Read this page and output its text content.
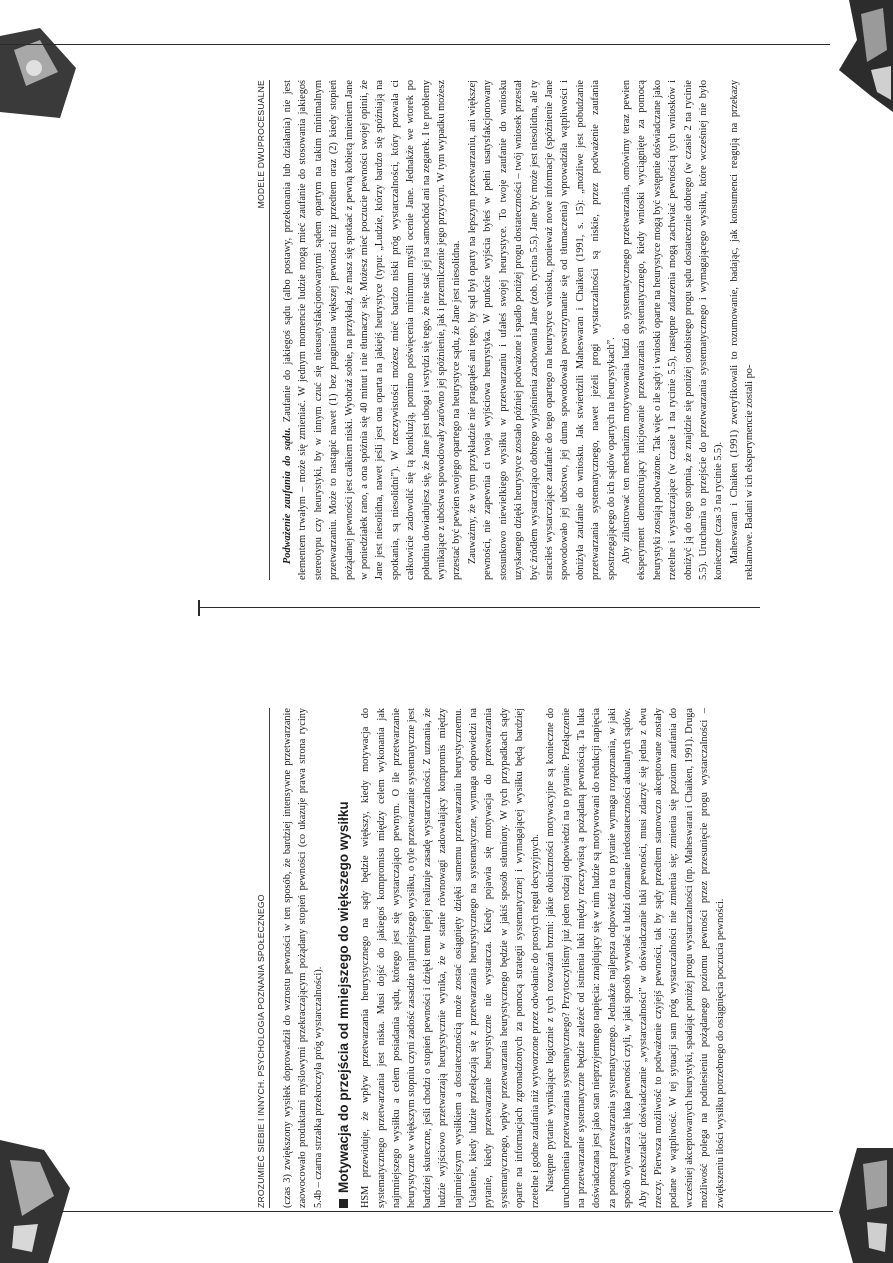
ZROZUMIEĆ SIEBIE I INNYCH. PSYCHOLOGIA POZNANIA SPOŁECZNEGO	(czas 3) zwiększony wysiłek doprowadził do wzrostu pewności w ten sposób, że bardziej intensywne przetwarzanie zaowocowało produktami myślowymi przekraczającym pożądany stopień pewności (co ukazuje prawa strona ryciny 5.4b – czarna strzałka przekroczyła próg wystarczalności). Motywacja do przejścia od mniejszego do większego wysiłku HSM przewiduje, że wpływ przetwarzania heurystycznego na sądy będzie większy, kiedy motywacja do systematycznego przetwarzania jest niska. Musi dojść do jakiegoś kompromisu między celem wykonania jak najmniejszego wysiłku a celem posiadania sądu, którego jest się wystarczająco pewnym. O ile przetwarzanie heurystyczne w większym stopniu czyni zadość zasadzie najmniejszego wysiłku, o tyle przetwarzanie systematyczne jest bardziej skuteczne, jeśli chodzi o stopień pewności i dzięki temu lepiej realizuje zasadę wystarczalności. Z uznania, że ludzie wyjściowo przetwarzają heurystycznie wynika, że w stanie równowagi zadowalający kompromis między najmniejszym wysiłkiem a dostatecznością może zostać osiągnięty dzięki samemu przetwarzaniu heurystycznemu. Ustalenie, kiedy ludzie przełączają się z przetwarzania heurystycznego na systematyczne, wymaga odpowiedzi na pytanie, kiedy przetwarzanie heurystyczne nie wystarcza. Kiedy pojawia się motywacja do przetwarzania systematycznego, wpływ przetwarzania heurystycznego będzie w jakiś sposób stłumiony. W tych przypadkach sądy oparte na informacjach zgromadzonych za pomocą strategii systematycznej i wymagającej wysiłku będą bardziej rzetelne i godne zaufania niż wytworzone przez odwołanie do prostych reguł decyzyjnych. Następne pytanie wynikające logicznie z tych rozważań brzmi: jakie okoliczności motywacyjne są konieczne do uruchomienia przetwarzania systematycznego? Przytoczyliśmy już jeden rodzaj odpowiedzi na to pytanie. Przełączenie na przetwarzanie systematyczne będzie zależeć od istnienia luki między rzeczywistą a pożądaną pewnością. Ta luka doświadczana jest jako stan nieprzyjemnego napięcia: znajdujący się w nim ludzie są motywowani do redukcji napięcia za pomocą przetwarzania systematycznego. Jednakże najlepsza odpowiedź na to pytanie wymaga rozpoznania, w jaki sposób wytwarza się luka pewności czyli, w jaki sposób wywołać u ludzi doznanie niedostateczności aktualnych sądów. Aby przekształcić doświadczanie „wystarczalności” w doświadczanie luki pewności, musi zdarzyć się jedna z dwu rzeczy. Pierwsza możliwość to podważenie czyjejś pewności, tak by sądy przedtem stanowczo akceptowane zostały podane w wątpliwość. W tej sytuacji sam próg wystarczalności nie zmienia się; zmienia się poziom zaufania do wcześniej akceptowanych heurystyki, spadając poniżej progu wystarczalności (np. Maheswaran i Chaiken, 1991). Druga możliwość polega na podniesieniu pożądanego poziomu pewności przez przesunięcie progu wystarczalności – zwiększeniu ilości wysiłku potrzebnego do osiągnięcia poczucia pewności.

MODELE DWUPROCESUALNE

Podważenie zaufania do sądu. Zaufanie do jakiegoś sądu (albo postawy, przekonania lub działania) nie jest elementem trwałym – może się zmieniać. W jednym momencie ludzie mogą mieć zaufanie do stosowania jakiegoś stereotypu czy heurystyki, by w innym czuć się nieusatysfakcjonowanymi sądem opartym na takim minimalnym przetwarzaniu. Może to nastąpić nawet (1) bez pragnienia większej pewności niż przedtem oraz (2) kiedy stopień pożądanej pewności jest całkiem niski. Wyobraź sobie, na przykład, że masz się spotkać z pewną kobietą imieniem Jane w poniedziałek rano, a ona spóźnia się 40 minut i nie tłumaczy się. Możesz mieć poczucie pewności swojej opinii, że Jane jest niesolidna, nawet jeśli jest ona oparta na jakiejś heurystyce (typu: „Ludzie, którzy bardzo się spóźniają na spotkania, są niesolidni”). W rzeczywistości możesz mieć bardzo niski próg wystarczalności, który pozwala ci całkowicie zadowolić się tą konkluzją, pomimo poświęcenia minimum myśli ocenie Jane. Jednakże we wtorek po południu dowiadujesz się, że Jane jest uboga i wstydzi się tego, że nie stać jej na samochód ani na zegarek. I te problemy wynikające z ubóstwa spowodowały zarówno jej spóźnienie, jak i przemilczenie jego przyczyn. W tym wypadku możesz przestać być pewien swojego opartego na heurystyce sądu, że Jane jest niesolidna. Zauważmy, że w tym przykładzie nie pragnąłeś ani tego, by sąd był oparty na lepszym przetwarzaniu, ani większej pewności, nie zapewnia ci twoja wyjściowa heurystyka. W punkcie wyjścia byłeś w pełni usatysfakcjonowany stosunkowo niewielkiego wysiłku w przetwarzaniu i ufałeś swojej heurystyce. To twoje zaufanie do wniosku uzyskanego dzięki heurystyce zostało później podważone i spadło poniżej progu dostateczności – twój wniosek przestał być źródłem wystarczająco dobrego wyjaśnienia zachowania Jane (zob. rycina 5.5). Jane być może jest niesolidna, ale ty straciłeś wystarczające zaufanie do tego opartego na heurystyce wniosku, ponieważ nowe informacje (spóźnienie Jane spowodowało jej ubóstwo, jej duma spowodowała powstrzymanie się od tłumaczenia) wprowadziła wątpliwości i obniżyła zaufanie do wniosku. Jak stwierdzili Maheswaran i Chaiken (1991, s. 15): „możliwe jest pobudzanie przetwarzania systematycznego, nawet jeżeli progi wystarczalności są niskie, przez podważenie zaufania spostrzegającego do ich sądów opartych na heurystykach”. Aby zilustrować ten mechanizm motywowania ludzi do systematycznego przetwarzania, omówimy teraz pewien eksperyment demonstrujący inicjowanie przetwarzania systematycznego, kiedy wnioski wyciągnięte za pomocą heurystyki zostają podważone. Tak więc o ile sądy i wnioski oparte na heurystyce mogą być wstępnie doświadczane jako rzetelne i wystarczające (w czasie 1 na rycinie 5.5), następne zdarzenia mogą zachwiać pewnością tych wniosków i obniżyć ją do tego stopnia, że znajdzie się poniżej osobistego progu sądu dostatecznie dobrego (w czasie 2 na rycinie 5.5). Uruchamia to przejście do przetwarzania systematycznego i wymagającego wysiłku, które wcześniej nie było konieczne (czas 3 na rycinie 5.5). Maheswaran i Chaiken (1991) zweryfikowali to rozumowanie, badając, jak konsumenci reagują na przekazy reklamowe. Badani w ich eksperymencie zostali po-
